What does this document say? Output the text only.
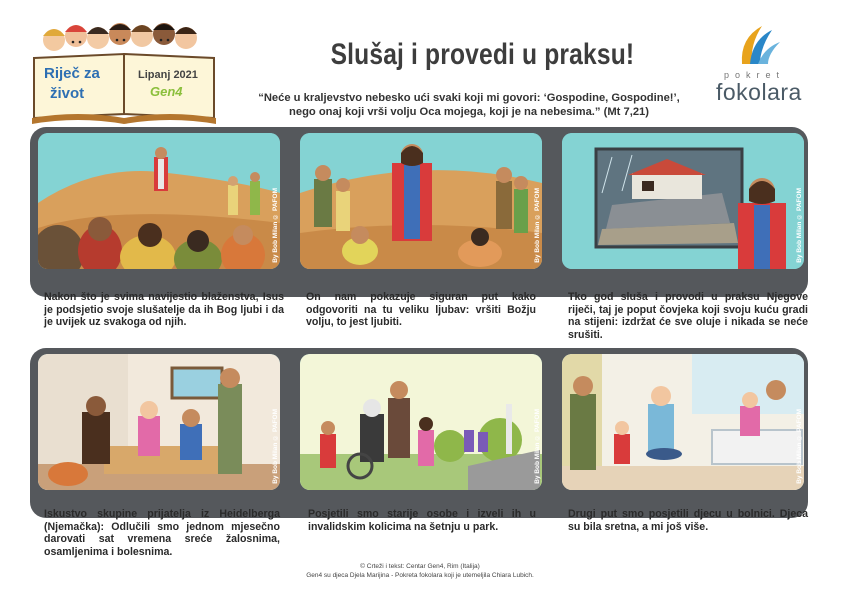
Riječ za
život
Lipanj 2021
Gen4
Slušaj i provedi u praksu!
“Neće u kraljevstvo nebesko ući svaki koji mi govori: ‘Gospodine, Gospodine!’,
nego onaj koji vrši volju Oca mojega, koji je na nebesima.” (Mt 7,21)
pokret
fokolara
By Bob Milan © PAFOM	By Bob Milan © PAFOM	By Bob Milan © PAFOM
Nakon što je svima navijestio blaženstva, Isus je podsjetio svoje slušatelje da ih Bog ljubi i da je uvijek uz svakoga od njih.
On nam pokazuje siguran put kako odgovoriti na tu veliku ljubav: vršiti Božju volju, to jest ljubiti.
Tko god sluša i provodi u praksu Njegove riječi, taj je poput čovjeka koji svoju kuću gradi na stijeni: izdržat će sve oluje i nikada se neće srušiti.
By Bob Milan © PAFOM	By Bob Milan © PAFOM	By Bob Milan © PAFOM
Iskustvo skupine prijatelja iz Heidelberga (Njemačka): Odlučili smo jednom mjesečno darovati sat vremena sreće žalosnima, osamljenima i bolesnima.
Posjetili smo starije osobe i izveli ih u invalidskim kolicima na šetnju u park.
Drugi put smo posjetili djecu u bolnici. Djeca su bila sretna, a mi još više.
© Crteži i tekst: Centar Gen4, Rim (Italija)
Gen4 su djeca Djela Marijina - Pokreta fokolara koji je utemeljila Chiara Lubich.
